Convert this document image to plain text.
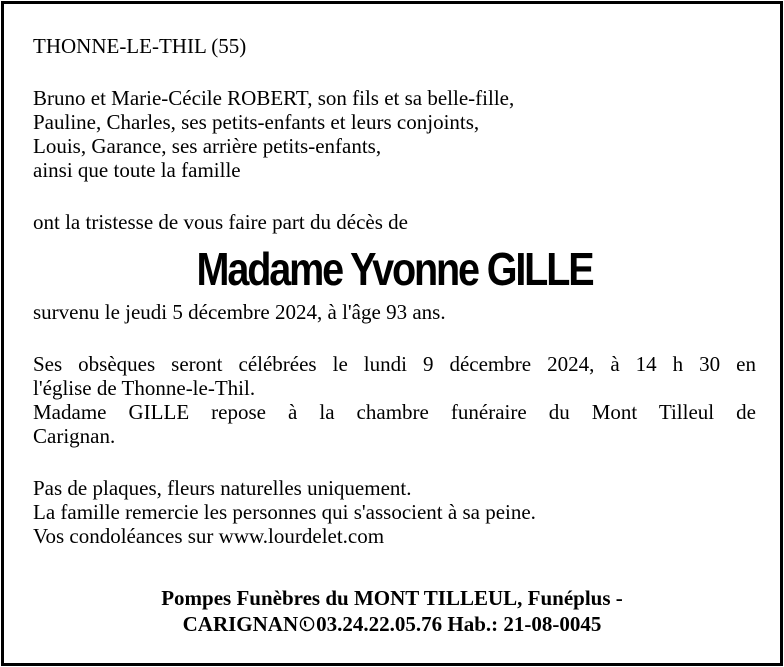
THONNE-LE-THIL (55)
Bruno et Marie-Cécile ROBERT, son fils et sa belle-fille,
Pauline, Charles, ses petits-enfants et leurs conjoints,
Louis, Garance, ses arrière petits-enfants,
ainsi que toute la famille
ont la tristesse de vous faire part du décès de
Madame Yvonne GILLE
survenu le jeudi 5 décembre 2024, à l'âge 93 ans.
Ses obsèques seront célébrées le lundi 9 décembre 2024, à 14 h 30 en
l'église de Thonne-le-Thil.
Madame GILLE repose à la chambre funéraire du Mont Tilleul de
Carignan.
Pas de plaques, fleurs naturelles uniquement.
La famille remercie les personnes qui s'associent à sa peine.
Vos condoléances sur www.lourdelet.com
Pompes Funèbres du MONT TILLEUL, Funéplus -
CARIGNAN 03.24.22.05.76 Hab.: 21-08-0045
